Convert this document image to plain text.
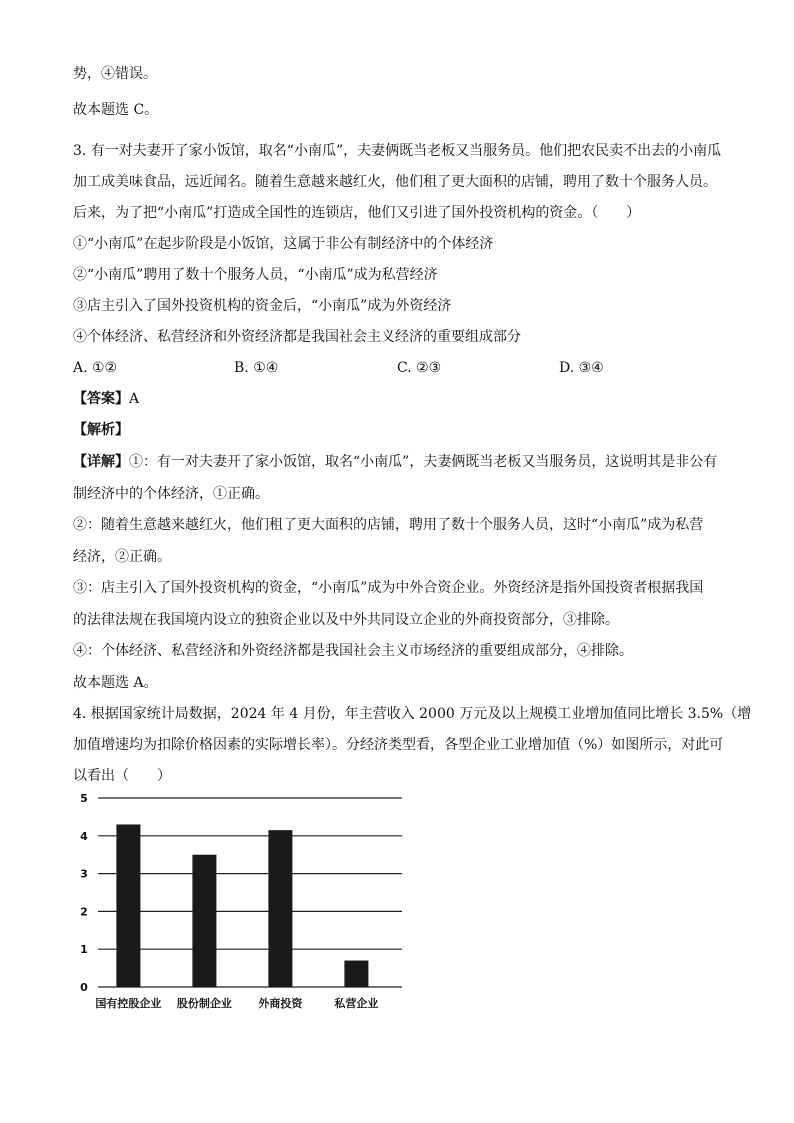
势，④错误。
故本题选 C。
3. 有一对夫妻开了家小饭馆，取名“小南瓜”，夫妻俩既当老板又当服务员。他们把农民卖不出去的小南瓜
加工成美味食品，远近闻名。随着生意越来越红火，他们租了更大面积的店铺，聘用了数十个服务人员。
后来，为了把“小南瓜”打造成全国性的连锁店，他们又引进了国外投资机构的资金。（　　）
①“小南瓜”在起步阶段是小饭馆，这属于非公有制经济中的个体经济
②“小南瓜”聘用了数十个服务人员，“小南瓜”成为私营经济
③店主引入了国外投资机构的资金后，“小南瓜”成为外资经济
④个体经济、私营经济和外资经济都是我国社会主义经济的重要组成部分
A. ①②	B. ①④	C. ②③	D. ③④
【答案】A
【解析】
【详解】①：有一对夫妻开了家小饭馆，取名“小南瓜”，夫妻俩既当老板又当服务员，这说明其是非公有
制经济中的个体经济，①正确。
②：随着生意越来越红火，他们租了更大面积的店铺，聘用了数十个服务人员，这时“小南瓜”成为私营
经济，②正确。
③：店主引入了国外投资机构的资金，“小南瓜”成为中外合资企业。外资经济是指外国投资者根据我国
的法律法规在我国境内设立的独资企业以及中外共同设立企业的外商投资部分，③排除。
④：个体经济、私营经济和外资经济都是我国社会主义市场经济的重要组成部分，④排除。
故本题选 A。
4. 根据国家统计局数据，2024 年 4 月份，年主营收入 2000 万元及以上规模工业增加值同比增长 3.5%（增
加值增速均为扣除价格因素的实际增长率）。分经济类型看，各型企业工业增加值（%）如图所示，对此可
以看出（　　）
0
1
2
3
4
5
国有控股企业 股份制企业 外商投资	私营企业
